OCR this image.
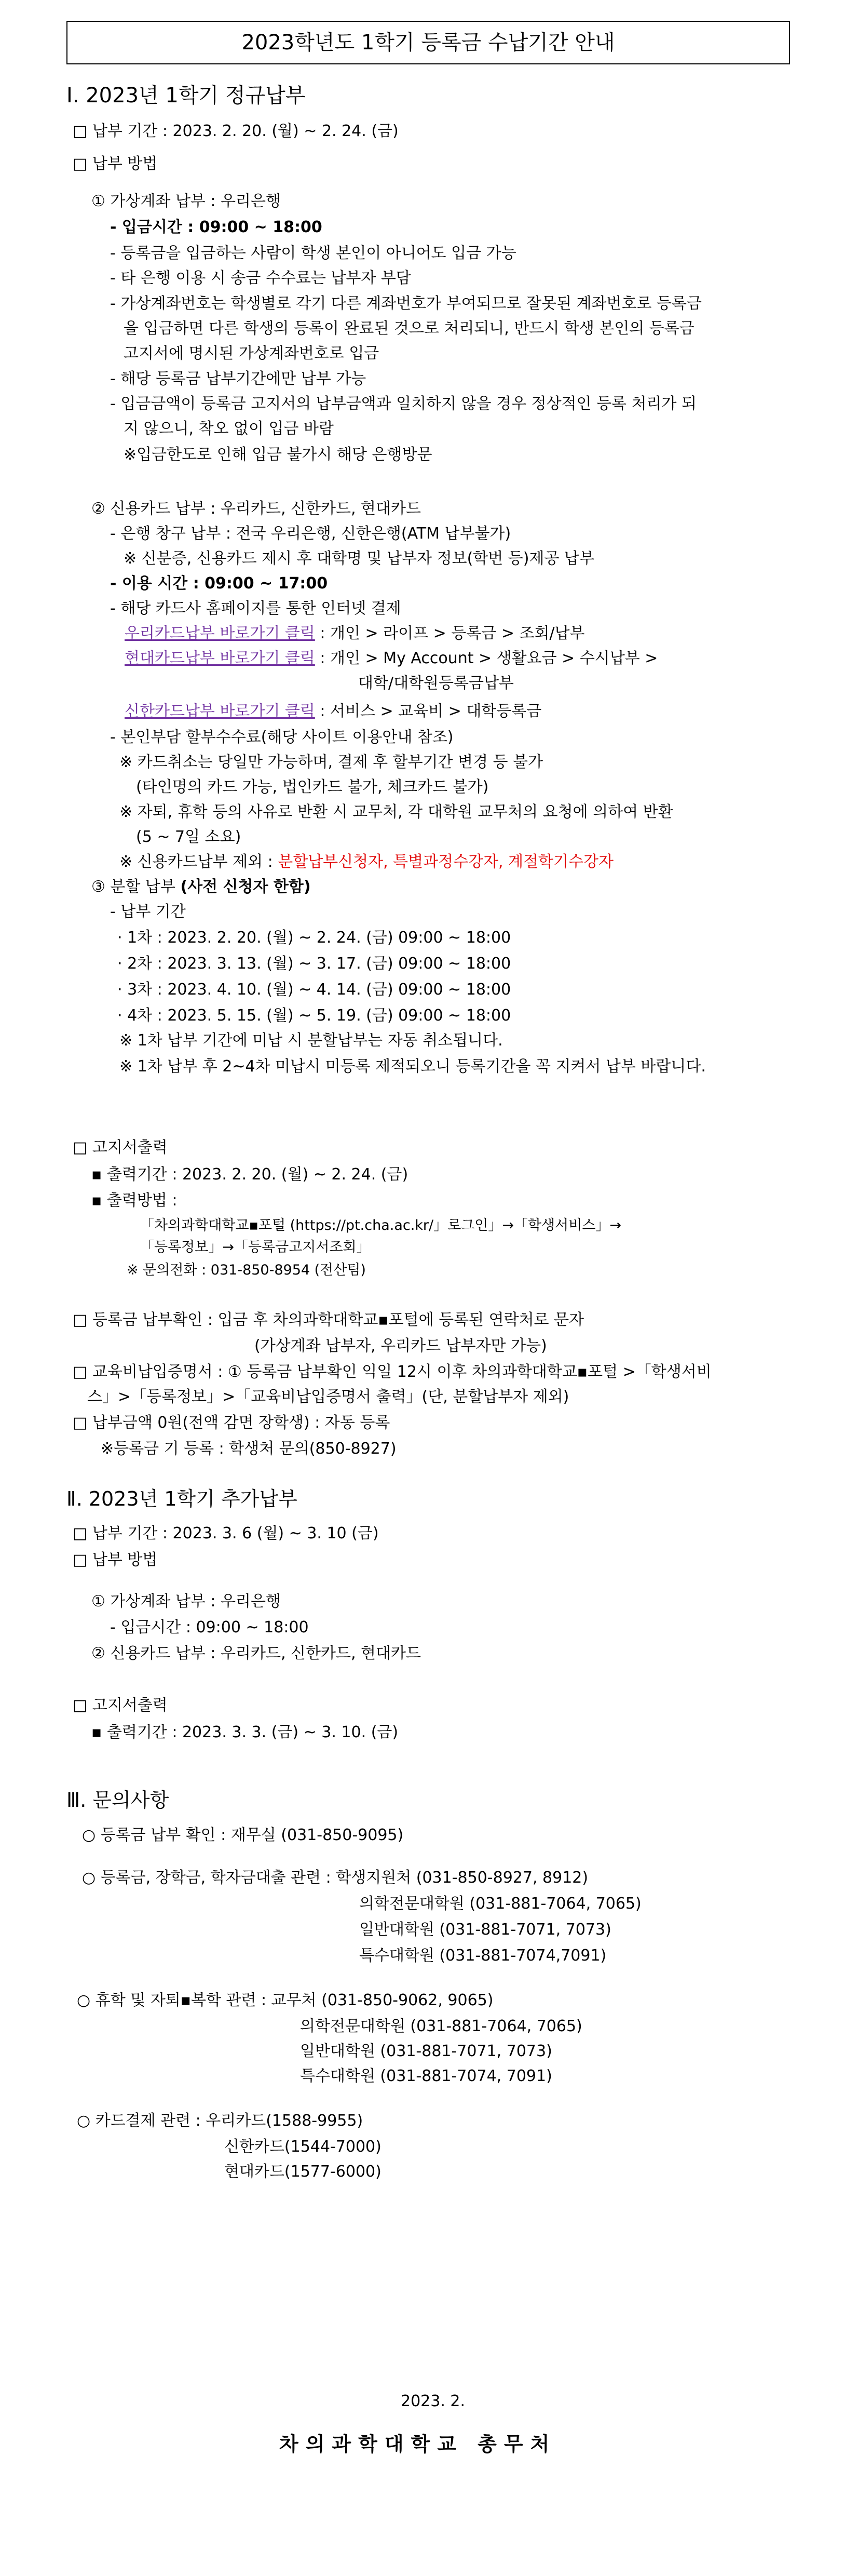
2023학년도 1학기 등록금 수납기간 안내
Ⅰ. 2023년 1학기 정규납부
□ 납부 기간 : 2023. 2. 20. (월) ~ 2. 24. (금)
□ 납부 방법
① 가상계좌 납부 : 우리은행
- 입금시간 : 09:00 ~ 18:00
- 등록금을 입금하는 사람이 학생 본인이 아니어도 입금 가능
- 타 은행 이용 시 송금 수수료는 납부자 부담
- 가상계좌번호는 학생별로 각기 다른 계좌번호가 부여되므로 잘못된 계좌번호로 등록금
을 입금하면 다른 학생의 등록이 완료된 것으로 처리되니, 반드시 학생 본인의 등록금
고지서에 명시된 가상계좌번호로 입금
- 해당 등록금 납부기간에만 납부 가능
- 입금금액이 등록금 고지서의 납부금액과 일치하지 않을 경우 정상적인 등록 처리가 되
지 않으니, 착오 없이 입금 바람
※입금한도로 인해 입금 불가시 해당 은행방문
② 신용카드 납부 : 우리카드, 신한카드, 현대카드
- 은행 창구 납부 : 전국 우리은행, 신한은행(ATM 납부불가)
※ 신분증, 신용카드 제시 후 대학명 및 납부자 정보(학번 등)제공 납부
- 이용 시간 : 09:00 ~ 17:00
- 해당 카드사 홈페이지를 통한 인터넷 결제
우리카드납부 바로가기 클릭 : 개인 > 라이프 > 등록금 > 조회/납부
현대카드납부 바로가기 클릭 : 개인 > My Account > 생활요금 > 수시납부 >
대학/대학원등록금납부
신한카드납부 바로가기 클릭 : 서비스 > 교육비 > 대학등록금
- 본인부담 할부수수료(해당 사이트 이용안내 참조)
※ 카드취소는 당일만 가능하며, 결제 후 할부기간 변경 등 불가
(타인명의 카드 가능, 법인카드 불가, 체크카드 불가)
※ 자퇴, 휴학 등의 사유로 반환 시 교무처, 각 대학원 교무처의 요청에 의하여 반환
(5 ~ 7일 소요)
※ 신용카드납부 제외 : 분할납부신청자, 특별과정수강자, 계절학기수강자
③ 분할 납부 (사전 신청자 한함)
- 납부 기간
· 1차 : 2023. 2. 20. (월) ~ 2. 24. (금) 09:00 ~ 18:00
· 2차 : 2023. 3. 13. (월) ~ 3. 17. (금) 09:00 ~ 18:00
· 3차 : 2023. 4. 10. (월) ~ 4. 14. (금) 09:00 ~ 18:00
· 4차 : 2023. 5. 15. (월) ~ 5. 19. (금) 09:00 ~ 18:00
※ 1차 납부 기간에 미납 시 분할납부는 자동 취소됩니다.
※ 1차 납부 후 2~4차 미납시 미등록 제적되오니 등록기간을 꼭 지켜서 납부 바랍니다.
□ 고지서출력
▪ 출력기간 : 2023. 2. 20. (월) ~ 2. 24. (금)
▪ 출력방법 :
「차의과학대학교▪포털 (https://pt.cha.ac.kr/」로그인」→「학생서비스」→
「등록정보」→「등록금고지서조회」
※ 문의전화 : 031-850-8954 (전산팀)
□ 등록금 납부확인 : 입금 후 차의과학대학교▪포털에 등록된 연락처로 문자
(가상계좌 납부자, 우리카드 납부자만 가능)
□ 교육비납입증명서 : ① 등록금 납부확인 익일 12시 이후 차의과학대학교▪포털 >「학생서비
스」>「등록정보」>「교육비납입증명서 출력」(단, 분할납부자 제외)
□ 납부금액 0원(전액 감면 장학생) : 자동 등록
※등록금 기 등록 : 학생처 문의(850-8927)
Ⅱ. 2023년 1학기 추가납부
□ 납부 기간 : 2023. 3. 6 (월) ~ 3. 10 (금)
□ 납부 방법
① 가상계좌 납부 : 우리은행
- 입금시간 : 09:00 ~ 18:00
② 신용카드 납부 : 우리카드, 신한카드, 현대카드
□ 고지서출력
▪ 출력기간 : 2023. 3. 3. (금) ~ 3. 10. (금)
Ⅲ. 문의사항
○ 등록금 납부 확인 : 재무실 (031-850-9095)
○ 등록금, 장학금, 학자금대출 관련 : 학생지원처 (031-850-8927, 8912)
의학전문대학원 (031-881-7064, 7065)
일반대학원 (031-881-7071, 7073)
특수대학원 (031-881-7074,7091)
○ 휴학 및 자퇴▪복학 관련 : 교무처 (031-850-9062, 9065)
의학전문대학원 (031-881-7064, 7065)
일반대학원 (031-881-7071, 7073)
특수대학원 (031-881-7074, 7091)
○ 카드결제 관련 : 우리카드(1588-9955)
신한카드(1544-7000)
현대카드(1577-6000)
2023. 2.
차의과학대학교 총무처
